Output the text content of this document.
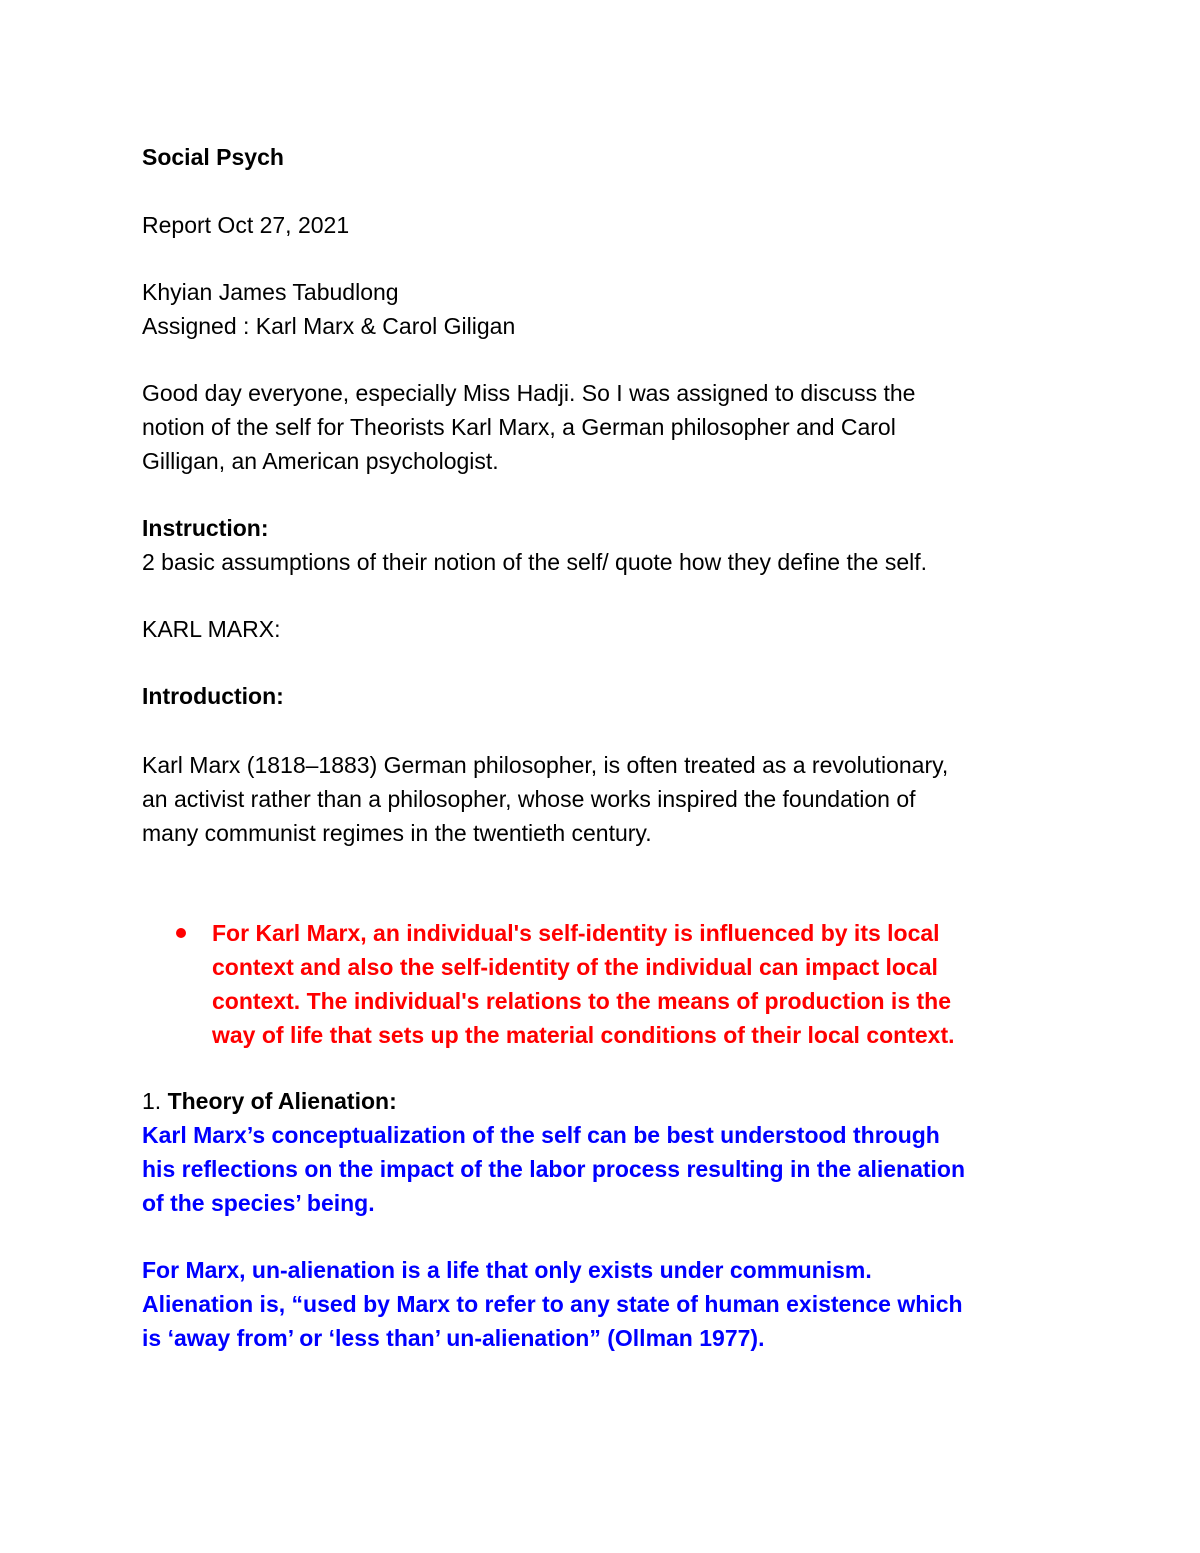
Social Psych
Report Oct 27, 2021
Khyian James Tabudlong
Assigned : Karl Marx & Carol Giligan
Good day everyone, especially Miss Hadji. So I was assigned to discuss the
notion of the self for Theorists Karl Marx, a German philosopher and Carol
Gilligan, an American psychologist.
Instruction:
2 basic assumptions of their notion of the self/ quote how they define the self.
KARL MARX:
Introduction:
Karl Marx (1818–1883) German philosopher, is often treated as a revolutionary,
an activist rather than a philosopher, whose works inspired the foundation of
many communist regimes in the twentieth century.
For Karl Marx, an individual's self-identity is influenced by its local
context and also the self-identity of the individual can impact local
context. The individual's relations to the means of production is the
way of life that sets up the material conditions of their local context.
1. Theory of Alienation:
Karl Marx’s conceptualization of the self can be best understood through
his reflections on the impact of the labor process resulting in the alienation
of the species’ being.
For Marx, un-alienation is a life that only exists under communism.
Alienation is, “used by Marx to refer to any state of human existence which
is ‘away from’ or ‘less than’ un-alienation” (Ollman 1977).
